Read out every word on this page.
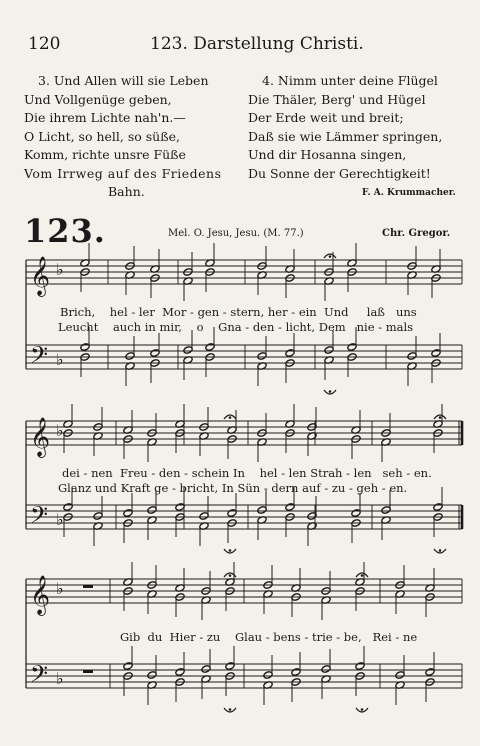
120	123. Darstellung Christi.
3. Und Allen will sie Leben
Und Vollgenüge geben,
Die ihrem Lichte nah'n.—
O Licht, so hell, so süße,
Komm, richte unsre Füße
Vom Irrweg auf des Friedens
Bahn.
4. Nimm unter deine Flügel
Die Thäler, Berg' und Hügel
Der Erde weit und breit;
Daß sie wie Lämmer springen,
Und dir Hosanna singen,
Du Sonne der Gerechtigkeit!
F. A. Krummacher.
123.	Mel. O. Jesu, Jesu. (M. 77.)	Chr. Gregor.
𝄞 ♭
𝄢 ♭
𝄞 ♭
𝄢 ♭
𝄞 ♭
𝄢 ♭
Brich, hel - ler Mor - gen - stern, her - ein Und laß uns
Leucht auch in mir, o Gna - den - licht, Dem nie - mals
dei - nen Freu - den - schein In hel - len Strah - len seh - en.
Glanz und Kraft ge - bricht, In Sün - dern auf - zu - geh - en.
Gib du Hier - zu Glau - bens - trie - be, Rei - ne
